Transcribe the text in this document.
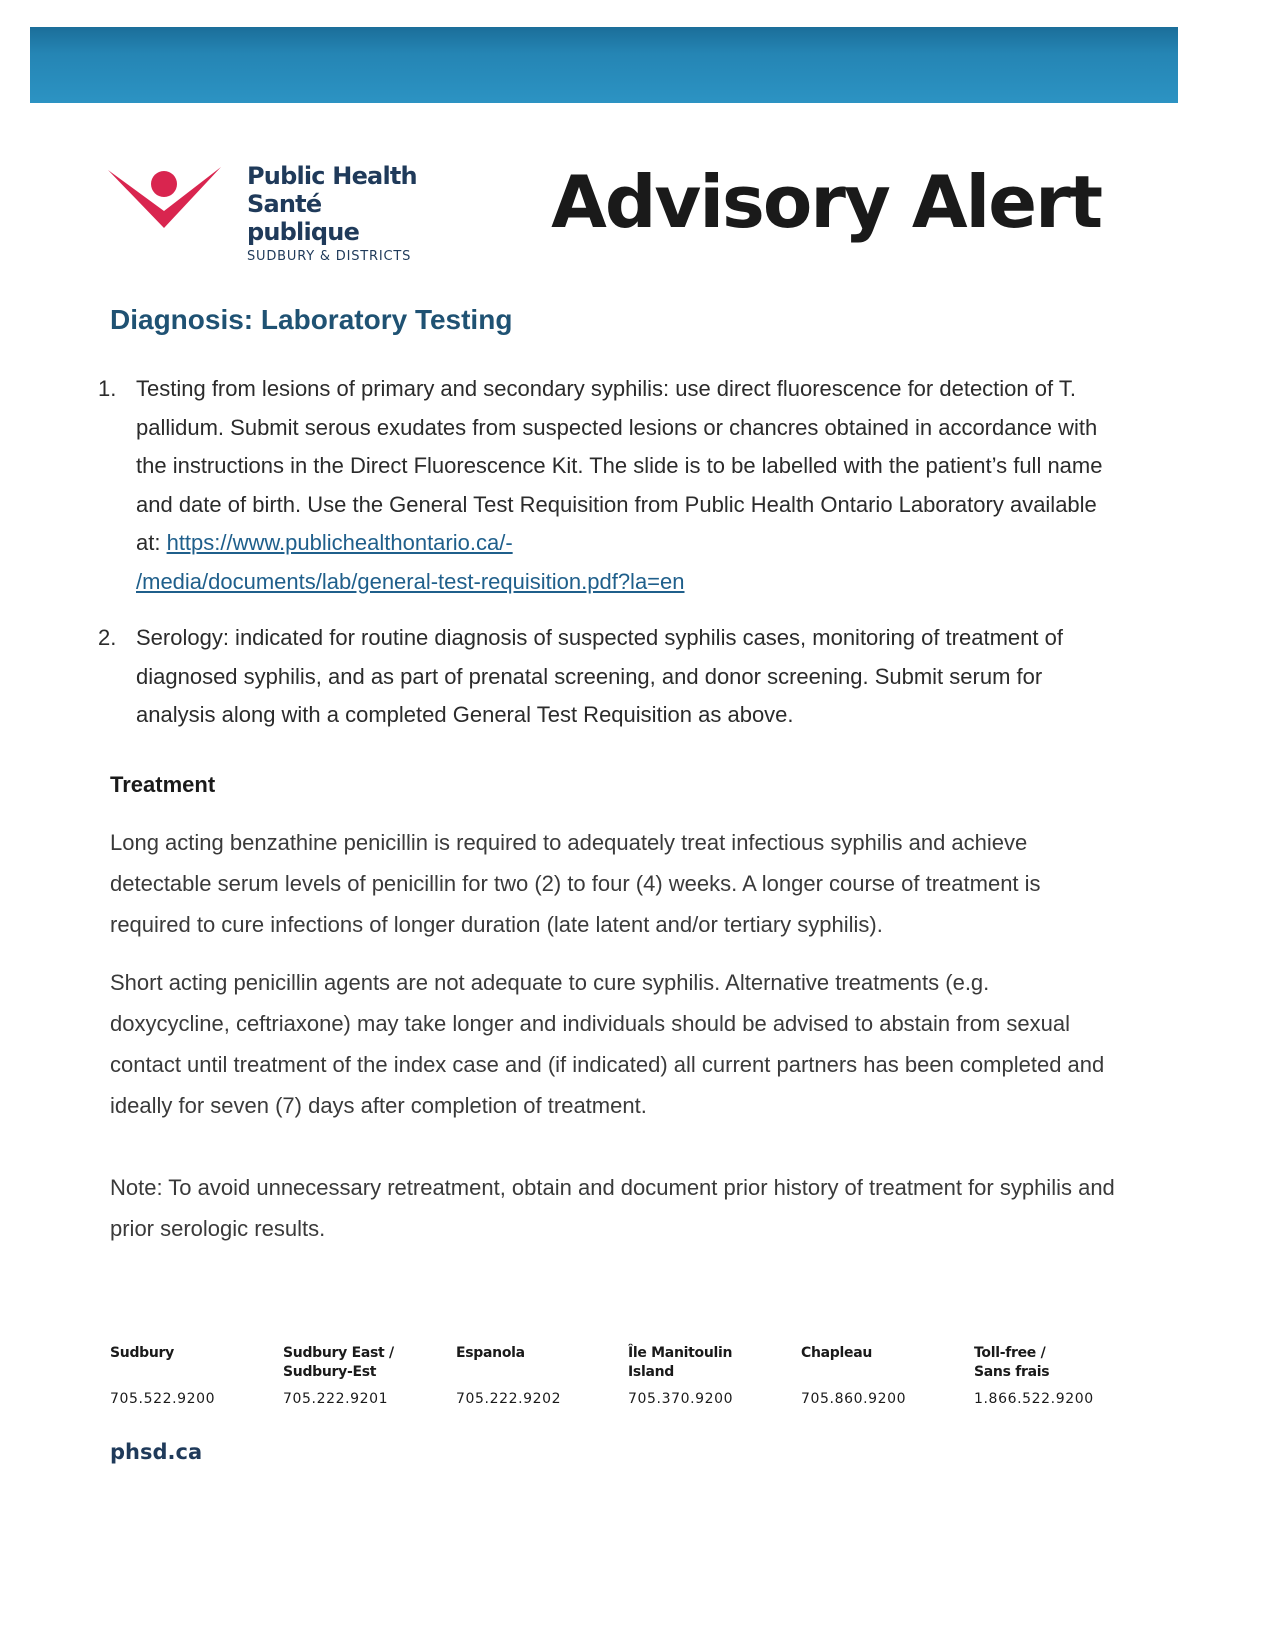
Public Health
Santé publique
SUDBURY & DISTRICTS
Advisory Alert
Diagnosis: Laboratory Testing
1. Testing from lesions of primary and secondary syphilis: use direct fluorescence for detection of T. pallidum. Submit serous exudates from suspected lesions or chancres obtained in accordance with the instructions in the Direct Fluorescence Kit. The slide is to be labelled with the patient’s full name and date of birth. Use the General Test Requisition from Public Health Ontario Laboratory available at: https://www.publichealthontario.ca/-
/media/documents/lab/general-test-requisition.pdf?la=en
2. Serology: indicated for routine diagnosis of suspected syphilis cases, monitoring of treatment of diagnosed syphilis, and as part of prenatal screening, and donor screening. Submit serum for analysis along with a completed General Test Requisition as above.
Treatment

Long acting benzathine penicillin is required to adequately treat infectious syphilis and achieve detectable serum levels of penicillin for two (2) to four (4) weeks. A longer course of treatment is required to cure infections of longer duration (late latent and/or tertiary syphilis).

Short acting penicillin agents are not adequate to cure syphilis. Alternative treatments (e.g. doxycycline, ceftriaxone) may take longer and individuals should be advised to abstain from sexual contact until treatment of the index case and (if indicated) all current partners has been completed and ideally for seven (7) days after completion of treatment.

Note: To avoid unnecessary retreatment, obtain and document prior history of treatment for syphilis and prior serologic results.

Sudbury

705.522.9200
Sudbury East /
Sudbury-Est
705.222.9201
Espanola

705.222.9202
Île Manitoulin
Island
705.370.9200
Chapleau

705.860.9200
Toll-free /
Sans frais
1.866.522.9200
phsd.ca
